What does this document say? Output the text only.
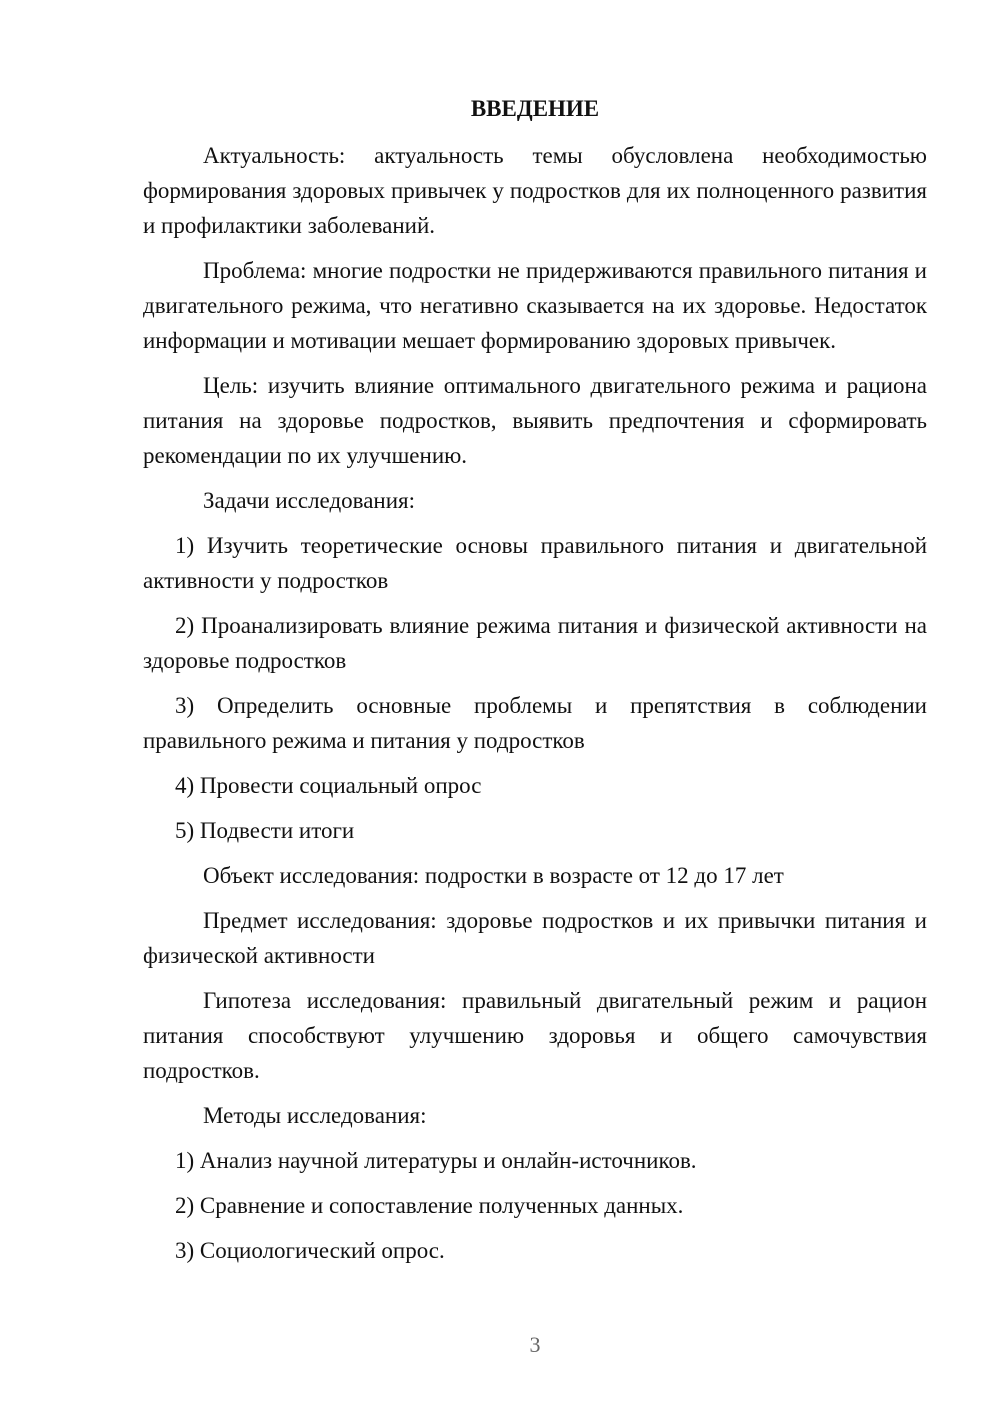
ВВЕДЕНИЕ

Актуальность: актуальность темы обусловлена необходимостью формирования здоровых привычек у подростков для их полноценного развития и профилактики заболеваний.

Проблема: многие подростки не придерживаются правильного питания и двигательного режима, что негативно сказывается на их здоровье. Недостаток информации и мотивации мешает формированию здоровых привычек.

Цель: изучить влияние оптимального двигательного режима и рациона питания на здоровье подростков, выявить предпочтения и сформировать рекомендации по их улучшению.

Задачи исследования:

1) Изучить теоретические основы правильного питания и двигательной активности у подростков

2) Проанализировать влияние режима питания и физической активности на здоровье подростков

3) Определить основные проблемы и препятствия в соблюдении правильного режима и питания у подростков

4) Провести социальный опрос

5) Подвести итоги

Объект исследования: подростки в возрасте от 12 до 17 лет

Предмет исследования: здоровье подростков и их привычки питания и физической активности

Гипотеза исследования: правильный двигательный режим и рацион питания способствуют улучшению здоровья и общего самочувствия подростков.

Методы исследования:

1) Анализ научной литературы и онлайн-источников.

2) Сравнение и сопоставление полученных данных.

3) Социологический опрос.

3
